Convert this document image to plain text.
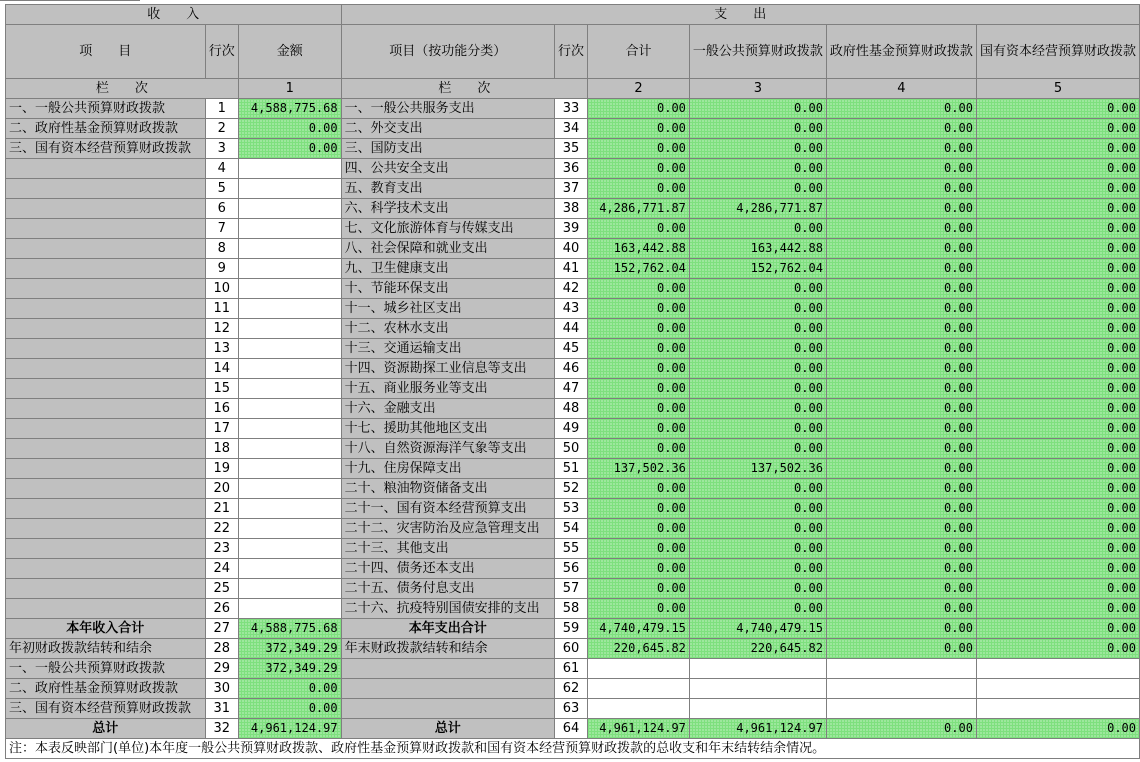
收　　入			支　　出					
项　　目	行次	金额	项目（按功能分类）	行次	合计	一般公共预算财政拨款	政府性基金预算财政拨款	国有资本经营预算财政拨款
栏　　次		1	栏　　次		2	3	4	5
一、一般公共预算财政拨款	1	4,588,775.68	一、一般公共服务支出	33	0.00	0.00	0.00	0.00
二、政府性基金预算财政拨款	2	0.00	二、外交支出	34	0.00	0.00	0.00	0.00
三、国有资本经营预算财政拨款	3	0.00	三、国防支出	35	0.00	0.00	0.00	0.00
	4		四、公共安全支出	36	0.00	0.00	0.00	0.00
	5		五、教育支出	37	0.00	0.00	0.00	0.00
	6		六、科学技术支出	38	4,286,771.87	4,286,771.87	0.00	0.00
	7		七、文化旅游体育与传媒支出	39	0.00	0.00	0.00	0.00
	8		八、社会保障和就业支出	40	163,442.88	163,442.88	0.00	0.00
	9		九、卫生健康支出	41	152,762.04	152,762.04	0.00	0.00
	10		十、节能环保支出	42	0.00	0.00	0.00	0.00
	11		十一、城乡社区支出	43	0.00	0.00	0.00	0.00
	12		十二、农林水支出	44	0.00	0.00	0.00	0.00
	13		十三、交通运输支出	45	0.00	0.00	0.00	0.00
	14		十四、资源勘探工业信息等支出	46	0.00	0.00	0.00	0.00
	15		十五、商业服务业等支出	47	0.00	0.00	0.00	0.00
	16		十六、金融支出	48	0.00	0.00	0.00	0.00
	17		十七、援助其他地区支出	49	0.00	0.00	0.00	0.00
	18		十八、自然资源海洋气象等支出	50	0.00	0.00	0.00	0.00
	19		十九、住房保障支出	51	137,502.36	137,502.36	0.00	0.00
	20		二十、粮油物资储备支出	52	0.00	0.00	0.00	0.00
	21		二十一、国有资本经营预算支出	53	0.00	0.00	0.00	0.00
	22		二十二、灾害防治及应急管理支出	54	0.00	0.00	0.00	0.00
	23		二十三、其他支出	55	0.00	0.00	0.00	0.00
	24		二十四、债务还本支出	56	0.00	0.00	0.00	0.00
	25		二十五、债务付息支出	57	0.00	0.00	0.00	0.00
	26		二十六、抗疫特别国债安排的支出	58	0.00	0.00	0.00	0.00
本年收入合计	27	4,588,775.68	本年支出合计	59	4,740,479.15	4,740,479.15	0.00	0.00
年初财政拨款结转和结余	28	372,349.29	年末财政拨款结转和结余	60	220,645.82	220,645.82	0.00	0.00
一、一般公共预算财政拨款	29	372,349.29		61				
二、政府性基金预算财政拨款	30	0.00		62				
三、国有资本经营预算财政拨款	31	0.00		63				
总计	32	4,961,124.97	总计	64	4,961,124.97	4,961,124.97	0.00	0.00
注：本表反映部门(单位)本年度一般公共预算财政拨款、政府性基金预算财政拨款和国有资本经营预算财政拨款的总收支和年末结转结余情况。								
